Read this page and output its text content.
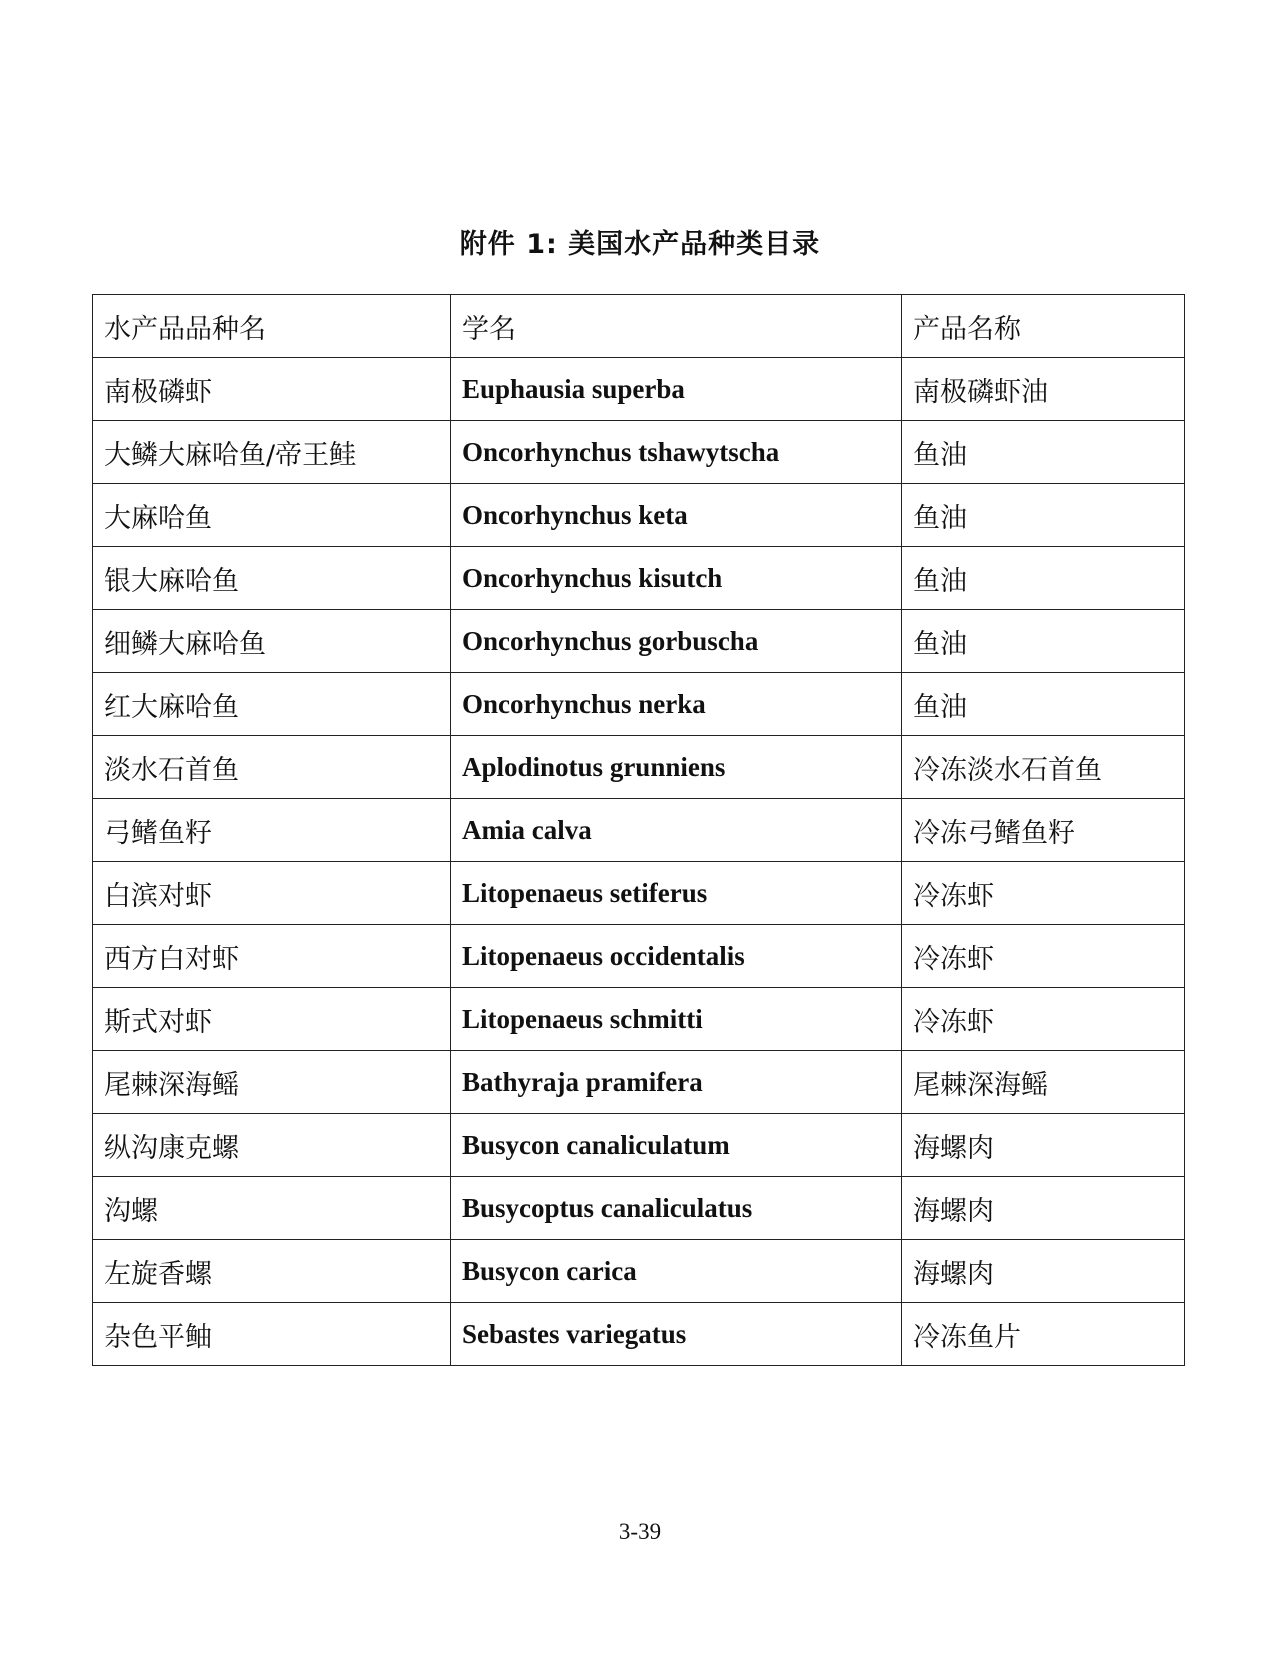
附件 1: 美国水产品种类目录
水产品品种名	学名	产品名称
南极磷虾	Euphausia superba	南极磷虾油
大鳞大麻哈鱼/帝王鲑	Oncorhynchus tshawytscha	鱼油
大麻哈鱼	Oncorhynchus keta	鱼油
银大麻哈鱼	Oncorhynchus kisutch	鱼油
细鳞大麻哈鱼	Oncorhynchus gorbuscha	鱼油
红大麻哈鱼	Oncorhynchus nerka	鱼油
淡水石首鱼	Aplodinotus grunniens	冷冻淡水石首鱼
弓鳍鱼籽	Amia calva	冷冻弓鳍鱼籽
白滨对虾	Litopenaeus setiferus	冷冻虾
西方白对虾	Litopenaeus occidentalis	冷冻虾
斯式对虾	Litopenaeus schmitti	冷冻虾
尾棘深海鳐	Bathyraja pramifera	尾棘深海鳐
纵沟康克螺	Busycon canaliculatum	海螺肉
沟螺	Busycoptus canaliculatus	海螺肉
左旋香螺	Busycon carica	海螺肉
杂色平鲉	Sebastes variegatus	冷冻鱼片
3-39
